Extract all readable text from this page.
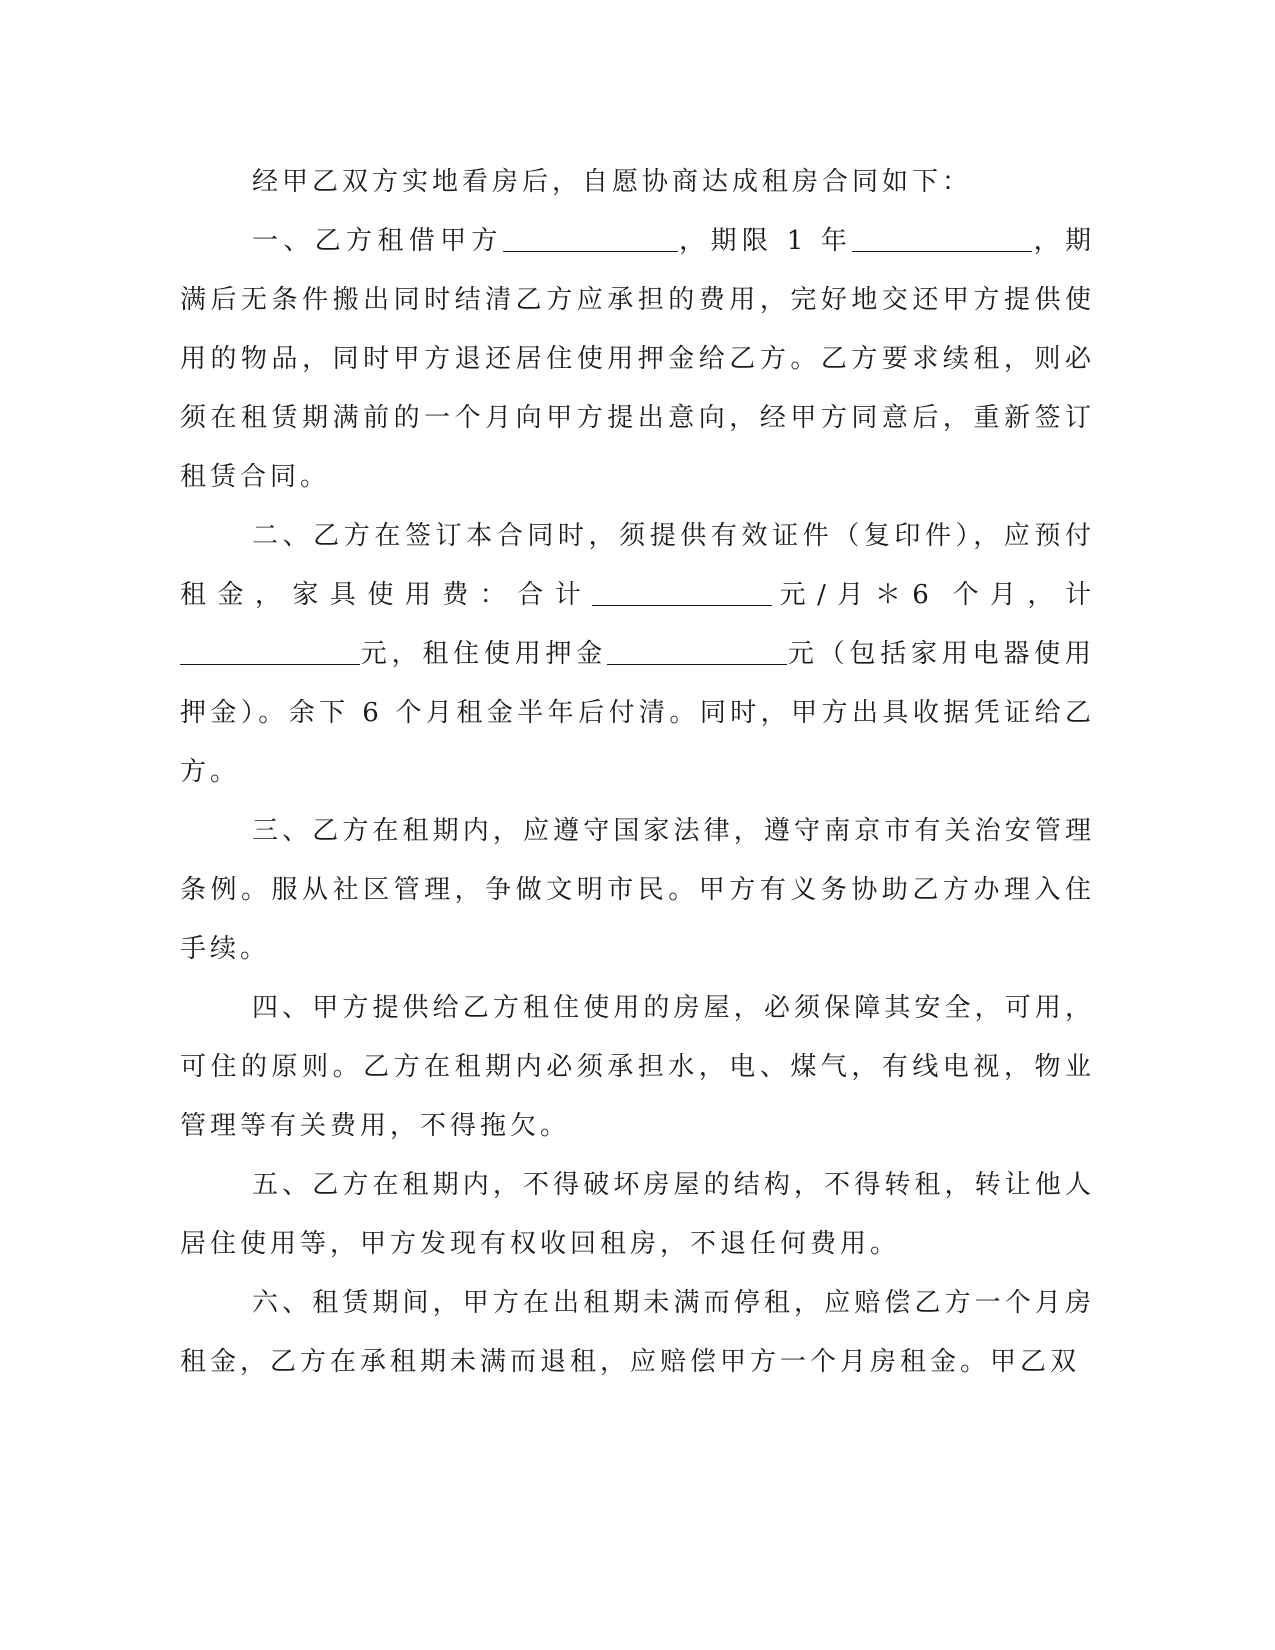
经甲乙双方实地看房后，自愿协商达成租房合同如下：

一、乙方租借甲方	，期限 1 年	，期满后无条件搬出同时结清乙方应承担的费用，完好地交还甲方提供使用的物品，同时甲方退还居住使用押金给乙方。乙方要求续租，则必须在租赁期满前的一个月向甲方提出意向，经甲方同意后，重新签订租赁合同。

二、乙方在签订本合同时，须提供有效证件（复印件），应预付租金，家具使用费：合计	元/月＊6 个月，计元，租住使用押金	元（包括家用电器使用押金）。余下 6 个月租金半年后付清。同时，甲方出具收据凭证给乙方。

三、乙方在租期内，应遵守国家法律，遵守南京市有关治安管理条例。服从社区管理，争做文明市民。甲方有义务协助乙方办理入住手续。

四、甲方提供给乙方租住使用的房屋，必须保障其安全，可用，可住的原则。乙方在租期内必须承担水，电、煤气，有线电视，物业管理等有关费用，不得拖欠。

五、乙方在租期内，不得破坏房屋的结构，不得转租，转让他人居住使用等，甲方发现有权收回租房，不退任何费用。

六、租赁期间，甲方在出租期未满而停租，应赔偿乙方一个月房租金，乙方在承租期未满而退租，应赔偿甲方一个月房租金。甲乙双
